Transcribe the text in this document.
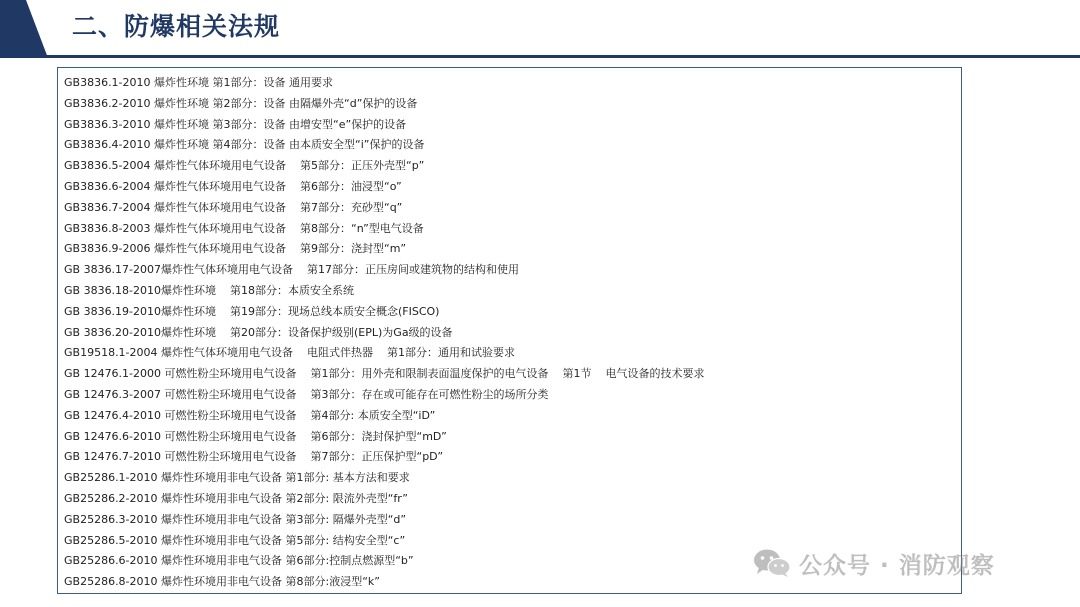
二、防爆相关法规
GB3836.1-2010 爆炸性环境 第1部分：设备 通用要求
GB3836.2-2010 爆炸性环境 第2部分：设备 由隔爆外壳“d”保护的设备
GB3836.3-2010 爆炸性环境 第3部分：设备 由增安型“e”保护的设备
GB3836.4-2010 爆炸性环境 第4部分：设备 由本质安全型“i”保护的设备
GB3836.5-2004 爆炸性气体环境用电气设备    第5部分：正压外壳型“p”
GB3836.6-2004 爆炸性气体环境用电气设备    第6部分：油浸型“o”
GB3836.7-2004 爆炸性气体环境用电气设备    第7部分：充砂型“q”
GB3836.8-2003 爆炸性气体环境用电气设备    第8部分：“n”型电气设备
GB3836.9-2006 爆炸性气体环境用电气设备    第9部分：浇封型“m”
GB 3836.17-2007爆炸性气体环境用电气设备    第17部分：正压房间或建筑物的结构和使用
GB 3836.18-2010爆炸性环境    第18部分：本质安全系统
GB 3836.19-2010爆炸性环境    第19部分：现场总线本质安全概念(FISCO)
GB 3836.20-2010爆炸性环境    第20部分：设备保护级别(EPL)为Ga级的设备
GB19518.1-2004 爆炸性气体环境用电气设备    电阻式伴热器    第1部分：通用和试验要求
GB 12476.1-2000 可燃性粉尘环境用电气设备    第1部分：用外壳和限制表面温度保护的电气设备    第1节    电气设备的技术要求
GB 12476.3-2007 可燃性粉尘环境用电气设备    第3部分：存在或可能存在可燃性粉尘的场所分类
GB 12476.4-2010 可燃性粉尘环境用电气设备    第4部分: 本质安全型“iD”
GB 12476.6-2010 可燃性粉尘环境用电气设备    第6部分：浇封保护型“mD”
GB 12476.7-2010 可燃性粉尘环境用电气设备    第7部分：正压保护型“pD”
GB25286.1-2010 爆炸性环境用非电气设备 第1部分: 基本方法和要求
GB25286.2-2010 爆炸性环境用非电气设备 第2部分: 限流外壳型“fr”
GB25286.3-2010 爆炸性环境用非电气设备 第3部分: 隔爆外壳型“d”
GB25286.5-2010 爆炸性环境用非电气设备 第5部分: 结构安全型“c”
GB25286.6-2010 爆炸性环境用非电气设备 第6部分:控制点燃源型“b”
GB25286.8-2010 爆炸性环境用非电气设备 第8部分:液浸型“k”
公众号 · 消防观察
